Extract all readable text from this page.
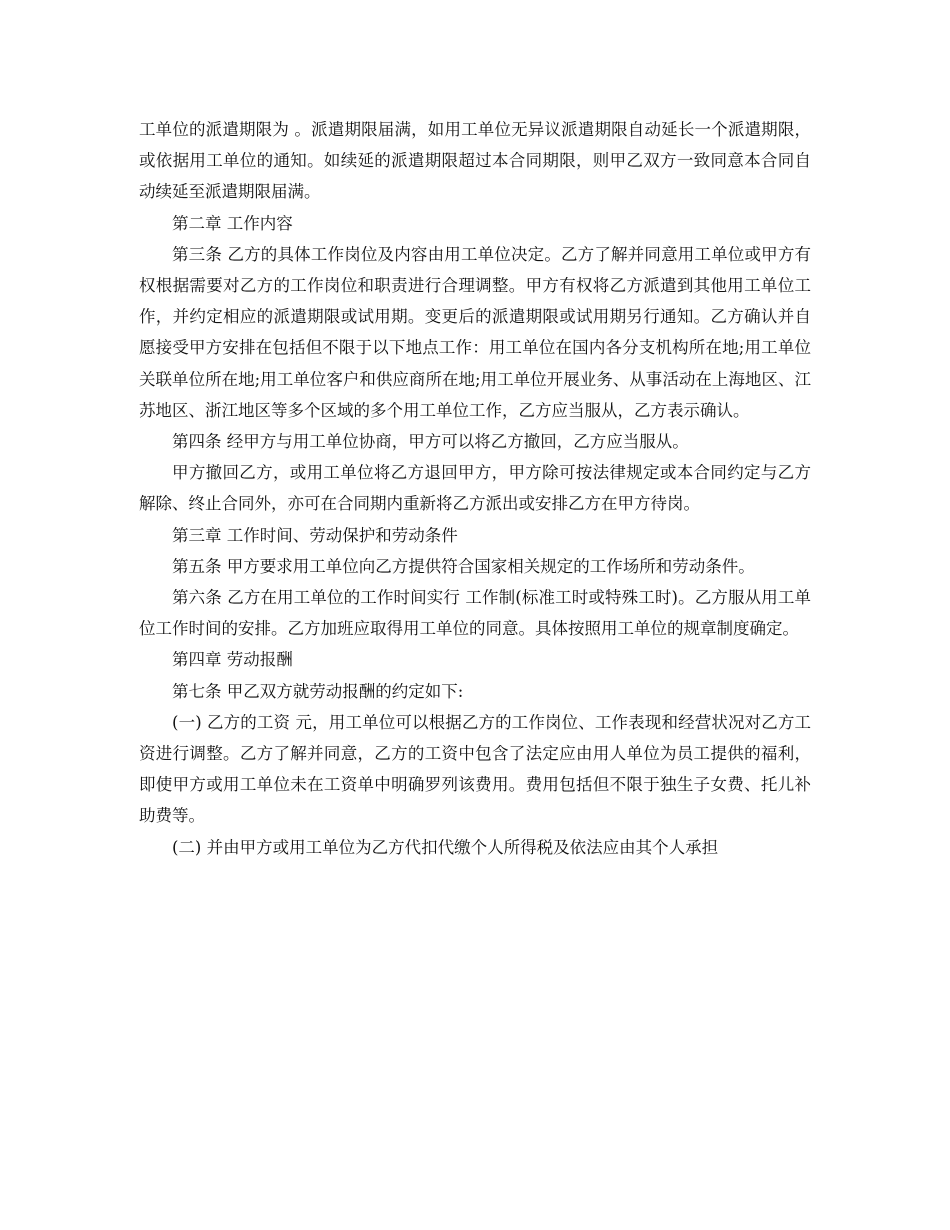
工单位的派遣期限为 。派遣期限届满，如用工单位无异议派遣期限自动延长一个派遣期限，或依据用工单位的通知。如续延的派遣期限超过本合同期限，则甲乙双方一致同意本合同自动续延至派遣期限届满。

第二章 工作内容

第三条 乙方的具体工作岗位及内容由用工单位决定。乙方了解并同意用工单位或甲方有权根据需要对乙方的工作岗位和职责进行合理调整。甲方有权将乙方派遣到其他用工单位工作，并约定相应的派遣期限或试用期。变更后的派遣期限或试用期另行通知。乙方确认并自愿接受甲方安排在包括但不限于以下地点工作：用工单位在国内各分支机构所在地;用工单位关联单位所在地;用工单位客户和供应商所在地;用工单位开展业务、从事活动在上海地区、江苏地区、浙江地区等多个区域的多个用工单位工作，乙方应当服从，乙方表示确认。

第四条 经甲方与用工单位协商，甲方可以将乙方撤回，乙方应当服从。

甲方撤回乙方，或用工单位将乙方退回甲方，甲方除可按法律规定或本合同约定与乙方解除、终止合同外，亦可在合同期内重新将乙方派出或安排乙方在甲方待岗。

第三章 工作时间、劳动保护和劳动条件

第五条 甲方要求用工单位向乙方提供符合国家相关规定的工作场所和劳动条件。

第六条 乙方在用工单位的工作时间实行 工作制(标准工时或特殊工时)。乙方服从用工单位工作时间的安排。乙方加班应取得用工单位的同意。具体按照用工单位的规章制度确定。

第四章 劳动报酬

第七条 甲乙双方就劳动报酬的约定如下:

(一) 乙方的工资 元，用工单位可以根据乙方的工作岗位、工作表现和经营状况对乙方工资进行调整。乙方了解并同意，乙方的工资中包含了法定应由用人单位为员工提供的福利，即使甲方或用工单位未在工资单中明确罗列该费用。费用包括但不限于独生子女费、托儿补助费等。

(二) 并由甲方或用工单位为乙方代扣代缴个人所得税及依法应由其个人承担
